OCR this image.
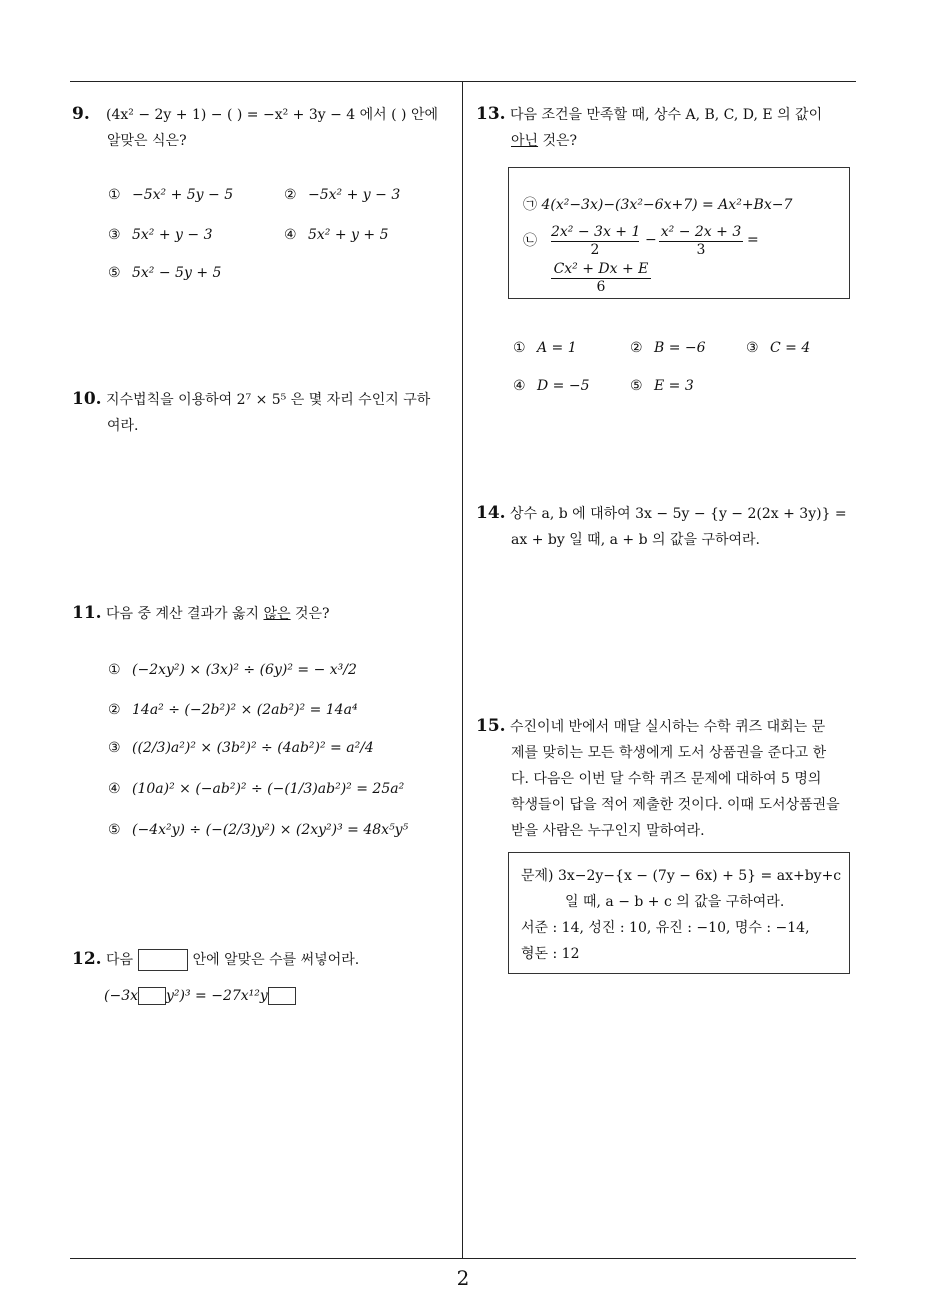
9. (4x² − 2y + 1) − ( ) = −x² + 3y − 4 에서 ( ) 안에
알맞은 식은?
① −5x² + 5y − 5	② −5x² + y − 3
③ 5x² + y − 3	④ 5x² + y + 5
⑤ 5x² − 5y + 5
10. 지수법칙을 이용하여 2⁷ × 5⁵ 은 몇 자리 수인지 구하
여라.
11. 다음 중 계산 결과가 옳지 않은 것은?
① (−2xy²) × (3x)² ÷ (6y)² = − x³/2
② 14a² ÷ (−2b²)² × (2ab²)² = 14a⁴
③ ((2/3)a²)² × (3b²)² ÷ (4ab²)² = a²/4
④ (10a)² × (−ab²)² ÷ (−(1/3)ab²)² = 25a²
⑤ (−4x²y) ÷ (−(2/3)y²) × (2xy²)³ = 48x⁵y⁵
12. 다음	안에 알맞은 수를 써넣어라.
(−3x y²)³ = −27x¹²y
13. 다음 조건을 만족할 때, 상수 A, B, C, D, E 의 값이
아닌 것은?
㉠ 4(x²−3x)−(3x²−6x+7) = Ax²+Bx−7
㉡
2x² − 3x + 1
2
− x² − 2x + 3
3
=
Cx² + Dx + E
6
① A = 1	② B = −6	③ C = 4
④ D = −5	⑤ E = 3
14. 상수 a, b 에 대하여 3x − 5y − {y − 2(2x + 3y)} =
ax + by 일 때, a + b 의 값을 구하여라.
15. 수진이네 반에서 매달 실시하는 수학 퀴즈 대회는 문
제를 맞히는 모든 학생에게 도서 상품권을 준다고 한
다. 다음은 이번 달 수학 퀴즈 문제에 대하여 5 명의
학생들이 답을 적어 제출한 것이다. 이때 도서상품권을
받을 사람은 누구인지 말하여라.
문제) 3x−2y−{x − (7y − 6x) + 5} = ax+by+c
일 때, a − b + c 의 값을 구하여라.
서준 : 14, 성진 : 10, 유진 : −10, 명수 : −14,
형돈 : 12
2
